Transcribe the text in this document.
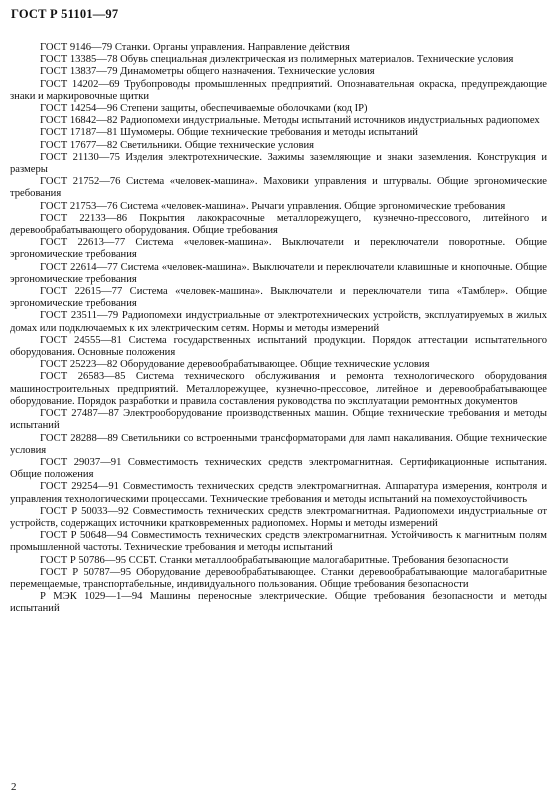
ГОСТ Р 51101—97

ГОСТ 9146—79 Станки. Органы управления. Направление действия

ГОСТ 13385—78 Обувь специальная диэлектрическая из полимерных материалов. Технические условия

ГОСТ 13837—79 Динамометры общего назначения. Технические условия

ГОСТ 14202—69 Трубопроводы промышленных предприятий. Опознавательная окраска, предупреждающие знаки и маркировочные щитки

ГОСТ 14254—96 Степени защиты, обеспечиваемые оболочками (код IP)

ГОСТ 16842—82 Радиопомехи индустриальные. Методы испытаний источников индустриальных радиопомех

ГОСТ 17187—81 Шумомеры. Общие технические требования и методы испытаний

ГОСТ 17677—82 Светильники. Общие технические условия

ГОСТ 21130—75 Изделия электротехнические. Зажимы заземляющие и знаки заземления. Конструкция и размеры

ГОСТ 21752—76 Система «человек-машина». Маховики управления и штурвалы. Общие эргономические требования

ГОСТ 21753—76 Система «человек-машина». Рычаги управления. Общие эргономические требования

ГОСТ 22133—86 Покрытия лакокрасочные металлорежущего, кузнечно-прессового, литейного и деревообрабатывающего оборудования. Общие требования

ГОСТ 22613—77 Система «человек-машина». Выключатели и переключатели поворотные. Общие эргономические требования

ГОСТ 22614—77 Система «человек-машина». Выключатели и переключатели клавишные и кнопочные. Общие эргономические требования

ГОСТ 22615—77 Система «человек-машина». Выключатели и переключатели типа «Тамблер». Общие эргономические требования

ГОСТ 23511—79 Радиопомехи индустриальные от электротехнических устройств, эксплуатируемых в жилых домах или подключаемых к их электрическим сетям. Нормы и методы измерений

ГОСТ 24555—81 Система государственных испытаний продукции. Порядок аттестации испытательного оборудования. Основные положения

ГОСТ 25223—82 Оборудование деревообрабатывающее. Общие технические условия

ГОСТ 26583—85 Система технического обслуживания и ремонта технологического оборудования машиностроительных предприятий. Металлорежущее, кузнечно-прессовое, литейное и деревообрабатывающее оборудование. Порядок разработки и правила составления руководства по эксплуатации ремонтных документов

ГОСТ 27487—87 Электрооборудование производственных машин. Общие технические требования и методы испытаний

ГОСТ 28288—89 Светильники со встроенными трансформаторами для ламп накаливания. Общие технические условия

ГОСТ 29037—91 Совместимость технических средств электромагнитная. Сертификационные испытания. Общие положения

ГОСТ 29254—91 Совместимость технических средств электромагнитная. Аппаратура измерения, контроля и управления технологическими процессами. Технические требования и методы испытаний на помехоустойчивость

ГОСТ Р 50033—92 Совместимость технических средств электромагнитная. Радиопомехи индустриальные от устройств, содержащих источники кратковременных радиопомех. Нормы и методы измерений

ГОСТ Р 50648—94 Совместимость технических средств электромагнитная. Устойчивость к магнитным полям промышленной частоты. Технические требования и методы испытаний

ГОСТ Р 50786—95 ССБТ. Станки металлообрабатывающие малогабаритные. Требования безопасности

ГОСТ Р 50787—95 Оборудование деревообрабатывающее. Станки деревообрабатывающие малогабаритные перемещаемые, транспортабельные, индивидуального пользования. Общие требования безопасности

Р МЭК 1029—1—94 Машины переносные электрические. Общие требования безопасности и методы испытаний

2
